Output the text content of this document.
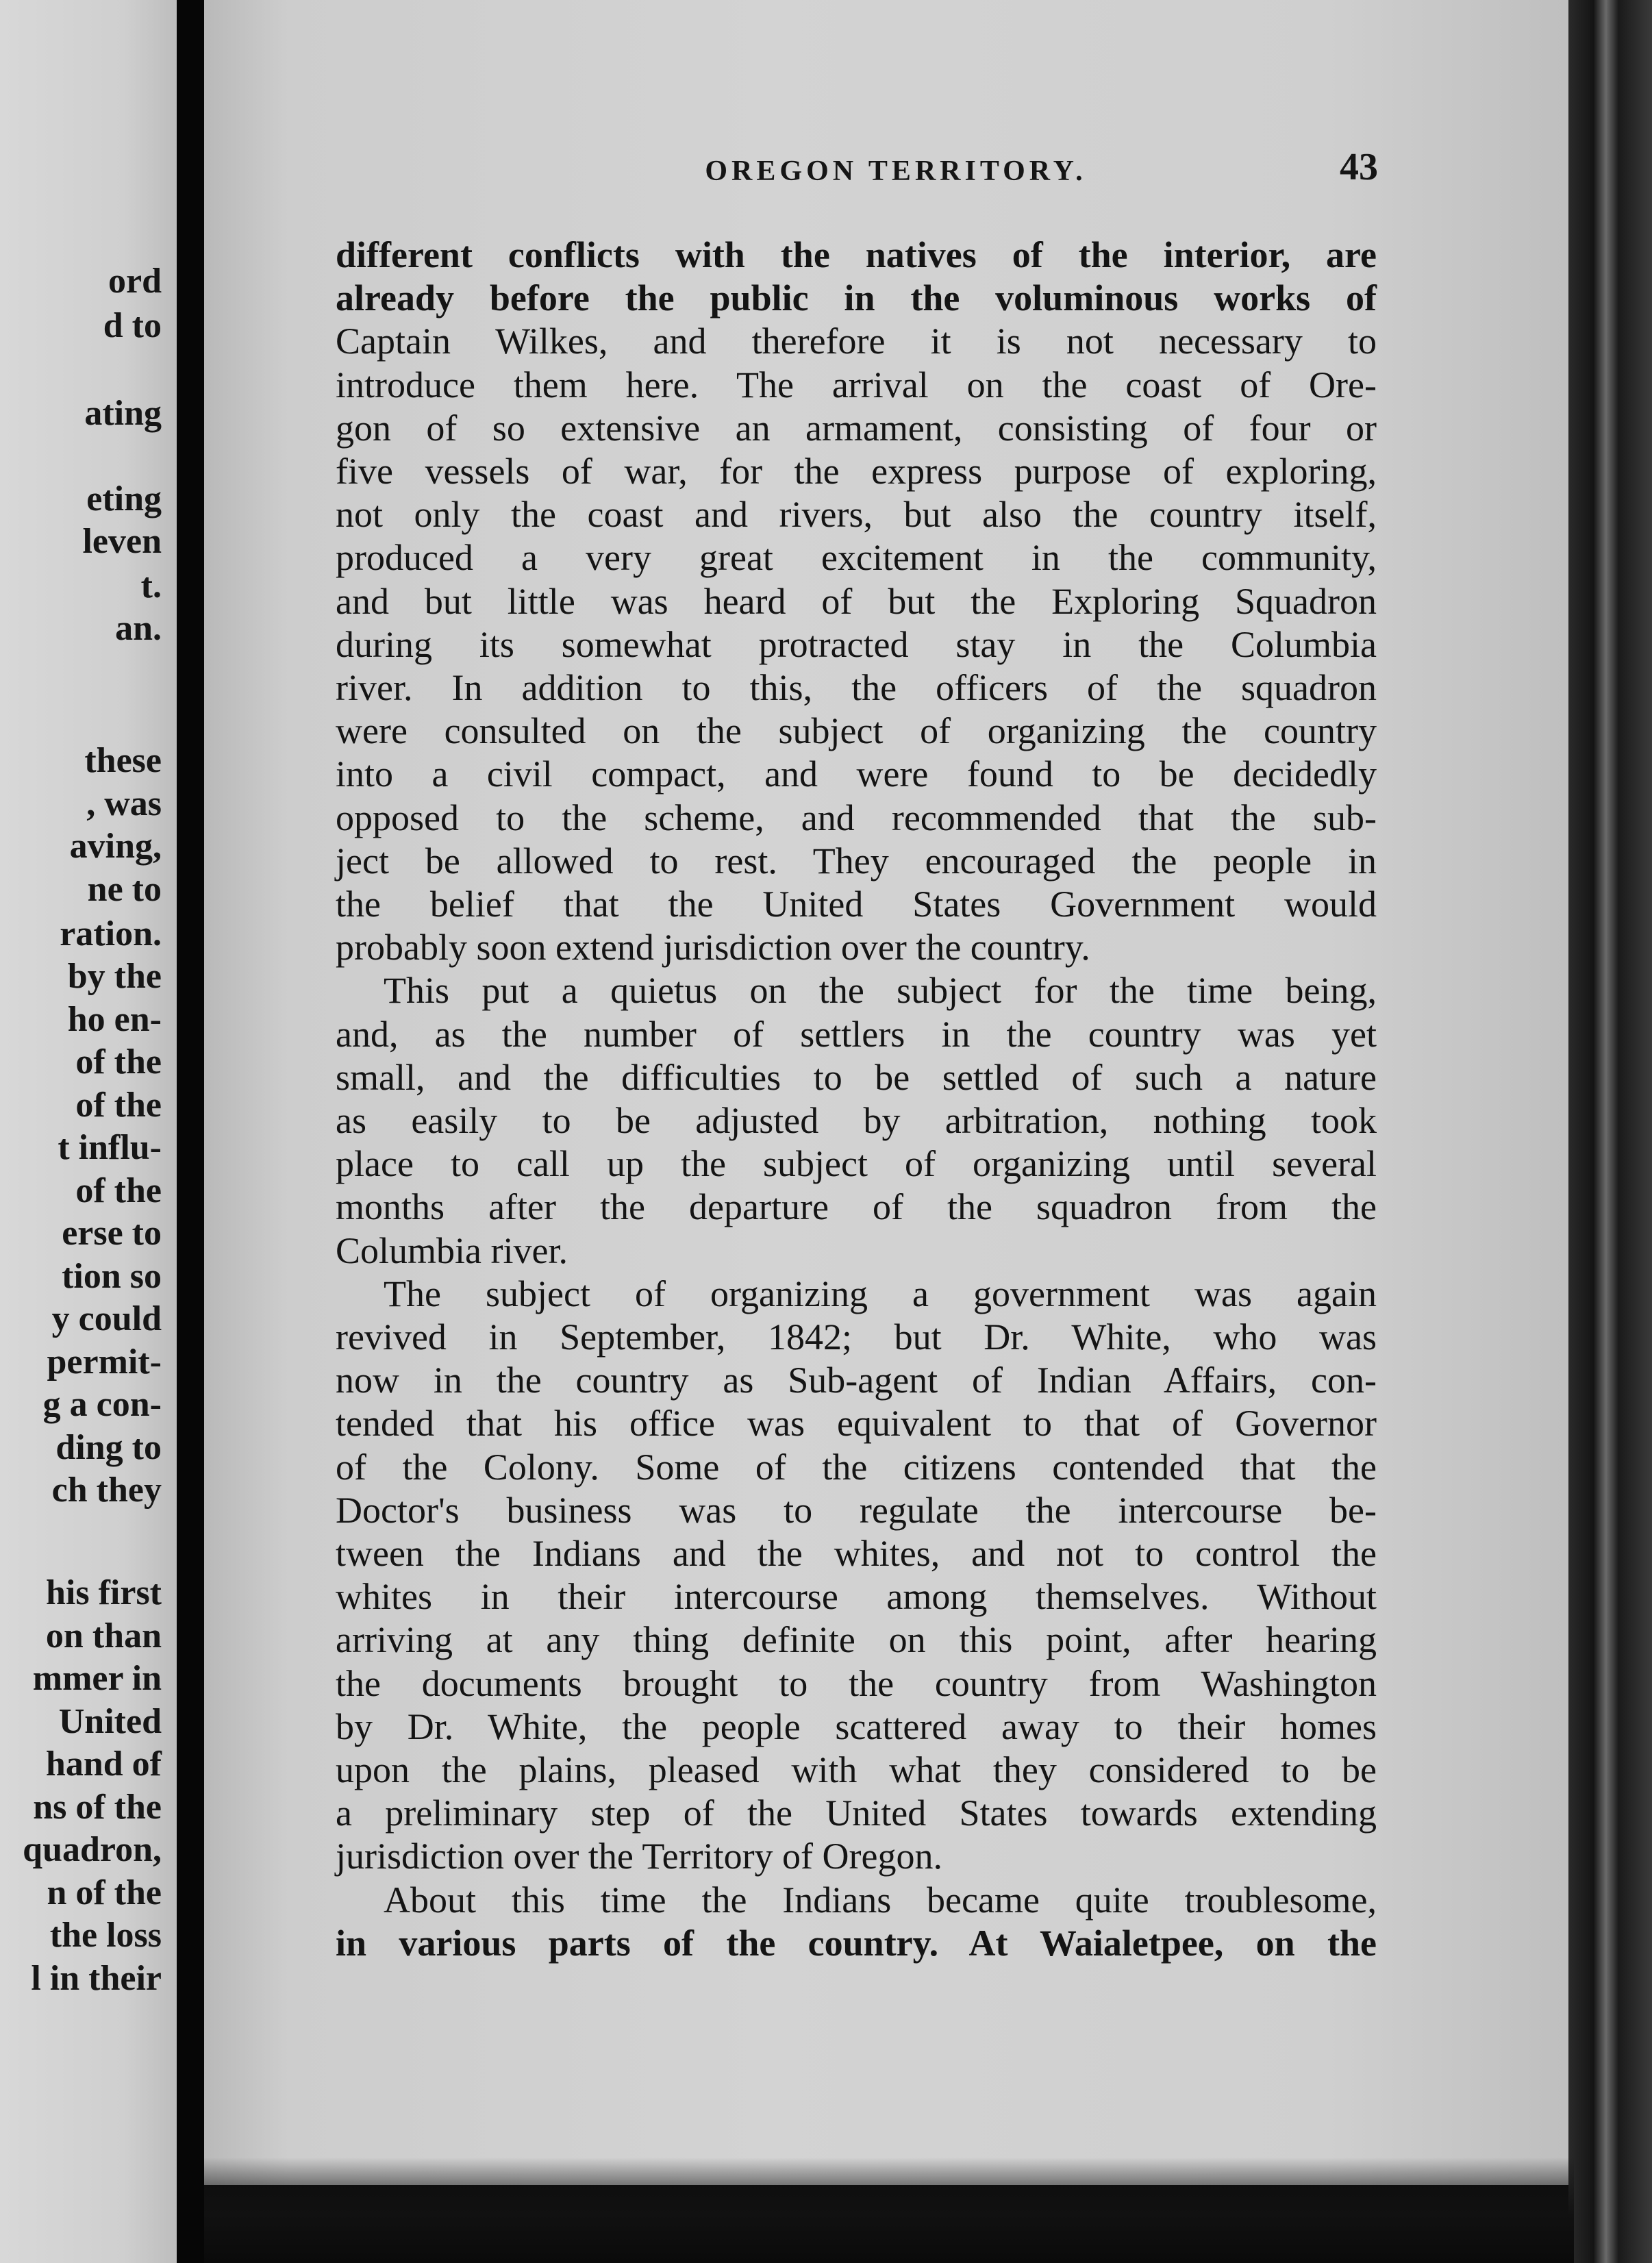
ord
d to
ating
eting
leven
t.
an.
these
, was
aving,
ne to
ration.
by the
ho en-
of the
of the
t influ-
of the
erse to
tion so
y could
permit-
g a con-
ding to
ch they
his first
on than
mmer in
United
hand of
ns of the
quadron,
n of the
the loss
l in their
OREGON TERRITORY.	43
different conflicts with the natives of the interior, are
already before the public in the voluminous works of
Captain Wilkes, and therefore it is not necessary to
introduce them here. The arrival on the coast of Ore-
gon of so extensive an armament, consisting of four or
five vessels of war, for the express purpose of exploring,
not only the coast and rivers, but also the country itself,
produced a very great excitement in the community,
and but little was heard of but the Exploring Squadron
during its somewhat protracted stay in the Columbia
river. In addition to this, the officers of the squadron
were consulted on the subject of organizing the country
into a civil compact, and were found to be decidedly
opposed to the scheme, and recommended that the sub-
ject be allowed to rest. They encouraged the people in
the belief that the United States Government would
probably soon extend jurisdiction over the country.
This put a quietus on the subject for the time being,
and, as the number of settlers in the country was yet
small, and the difficulties to be settled of such a nature
as easily to be adjusted by arbitration, nothing took
place to call up the subject of organizing until several
months after the departure of the squadron from the
Columbia river.
The subject of organizing a government was again
revived in September, 1842; but Dr. White, who was
now in the country as Sub-agent of Indian Affairs, con-
tended that his office was equivalent to that of Governor
of the Colony. Some of the citizens contended that the
Doctor's business was to regulate the intercourse be-
tween the Indians and the whites, and not to control the
whites in their intercourse among themselves. Without
arriving at any thing definite on this point, after hearing
the documents brought to the country from Washington
by Dr. White, the people scattered away to their homes
upon the plains, pleased with what they considered to be
a preliminary step of the United States towards extending
jurisdiction over the Territory of Oregon.
About this time the Indians became quite troublesome,
in various parts of the country. At Waialetpee, on the
